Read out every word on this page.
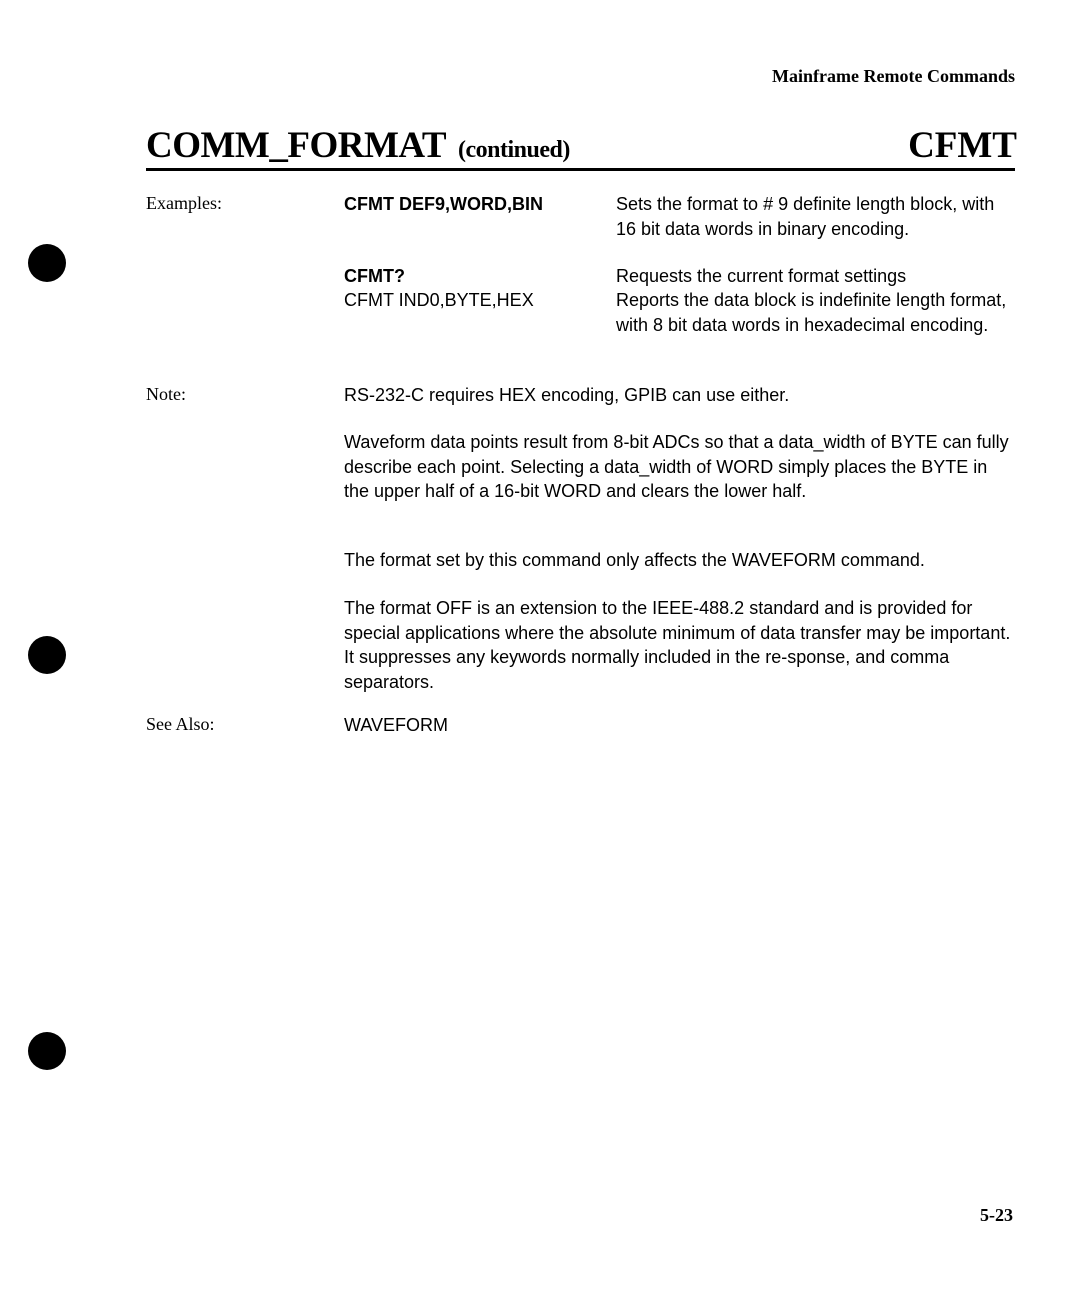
Mainframe Remote Commands
COMM_FORMAT (continued)	CFMT
Examples:	CFMT DEF9,WORD,BIN	Sets the format to # 9 definite length block, with 16 bit data words in binary encoding.
CFMT?	Requests the current format settings
CFMT IND0,BYTE,HEX	Reports the data block is indefinite length format, with 8 bit data words in hexadecimal encoding.
Note:	RS-232-C requires HEX encoding, GPIB can use either.
Waveform data points result from 8-bit ADCs so that a data_width of BYTE can fully describe each point. Selecting a data_width of WORD simply places the BYTE in the upper half of a 16-bit WORD and clears the lower half.
The format set by this command only affects the WAVEFORM command.
The format OFF is an extension to the IEEE-488.2 standard and is provided for special applications where the absolute minimum of data transfer may be important. It suppresses any keywords normally included in the re-sponse, and comma separators.
See Also:	WAVEFORM
5-23
